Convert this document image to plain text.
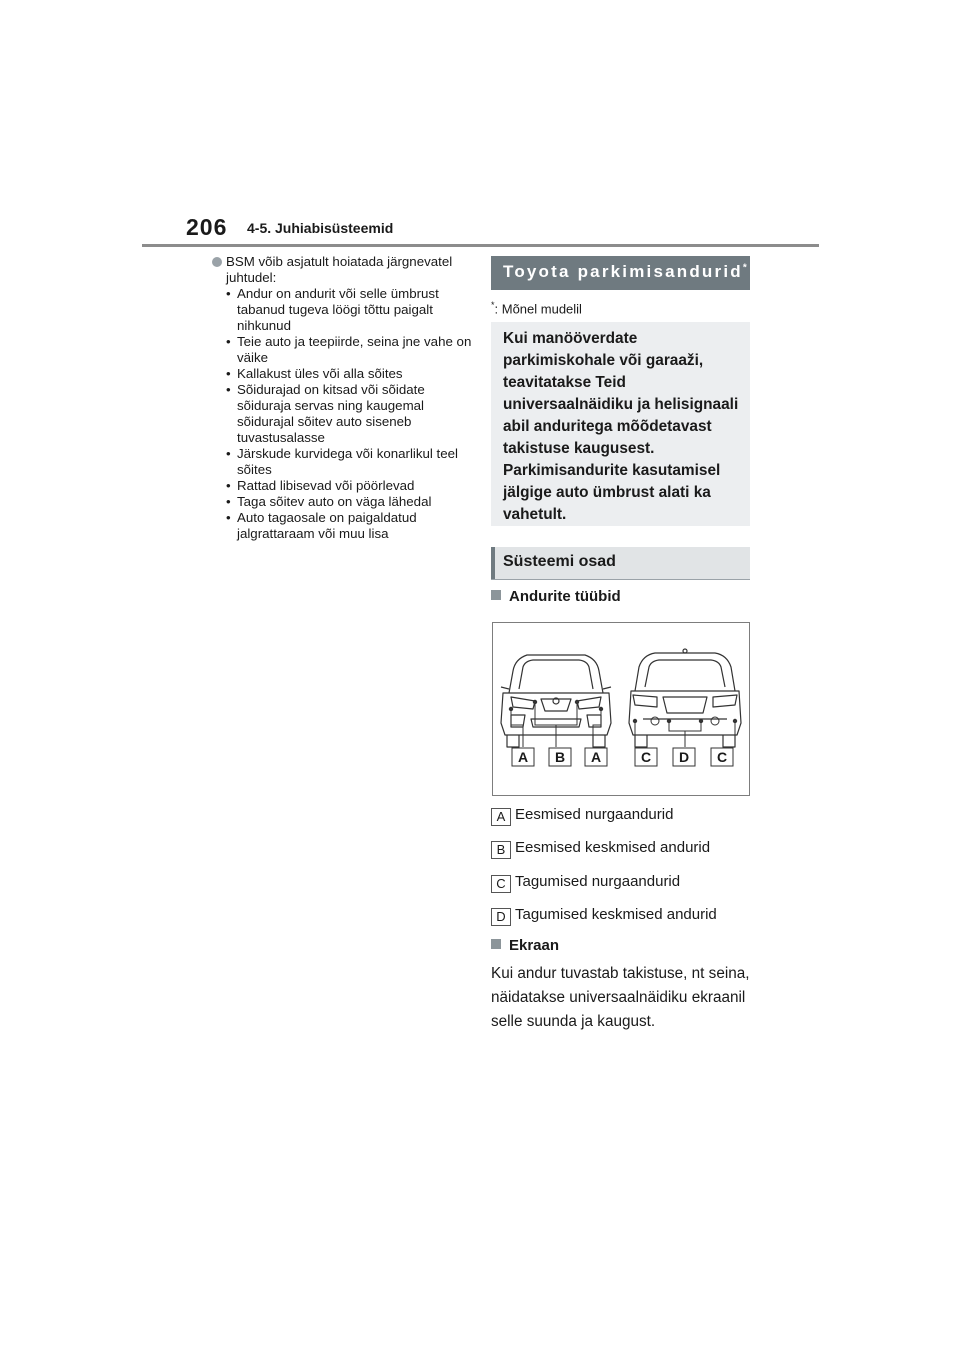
206 4-5. Juhiabisüsteemid
BSM võib asjatult hoiatada järgnevatel juhtudel:
• Andur on andurit või selle ümbrust tabanud tugeva löögi tõttu paigalt nihkunud
• Teie auto ja teepiirde, seina jne vahe on väike
• Kallakust üles või alla sõites
• Sõidurajad on kitsad või sõidate sõiduraja servas ning kaugemal sõidurajal sõitev auto siseneb tuvastusalasse
• Järskude kurvidega või konarlikul teel sõites
• Rattad libisevad või pöörlevad
• Taga sõitev auto on väga lähedal
• Auto tagaosale on paigaldatud jalgrattaraam või muu lisa
Toyota parkimisandurid*
*: Mõnel mudelil
Kui manööverdate parkimiskohale või garaaži, teavitatakse Teid universaalnäidiku ja helisignaali abil anduritega mõõdetavast takistuse kaugusest. Parkimisandurite kasutamisel jälgige auto ümbrust alati ka vahetult.
Süsteemi osad
Andurite tüübid
A B A	C D C
A Eesmised nurgaandurid
B Eesmised keskmised andurid
C Tagumised nurgaandurid
D Tagumised keskmised andurid
Ekraan
Kui andur tuvastab takistuse, nt seina, näidatakse universaalnäidiku ekraanil selle suunda ja kaugust.
